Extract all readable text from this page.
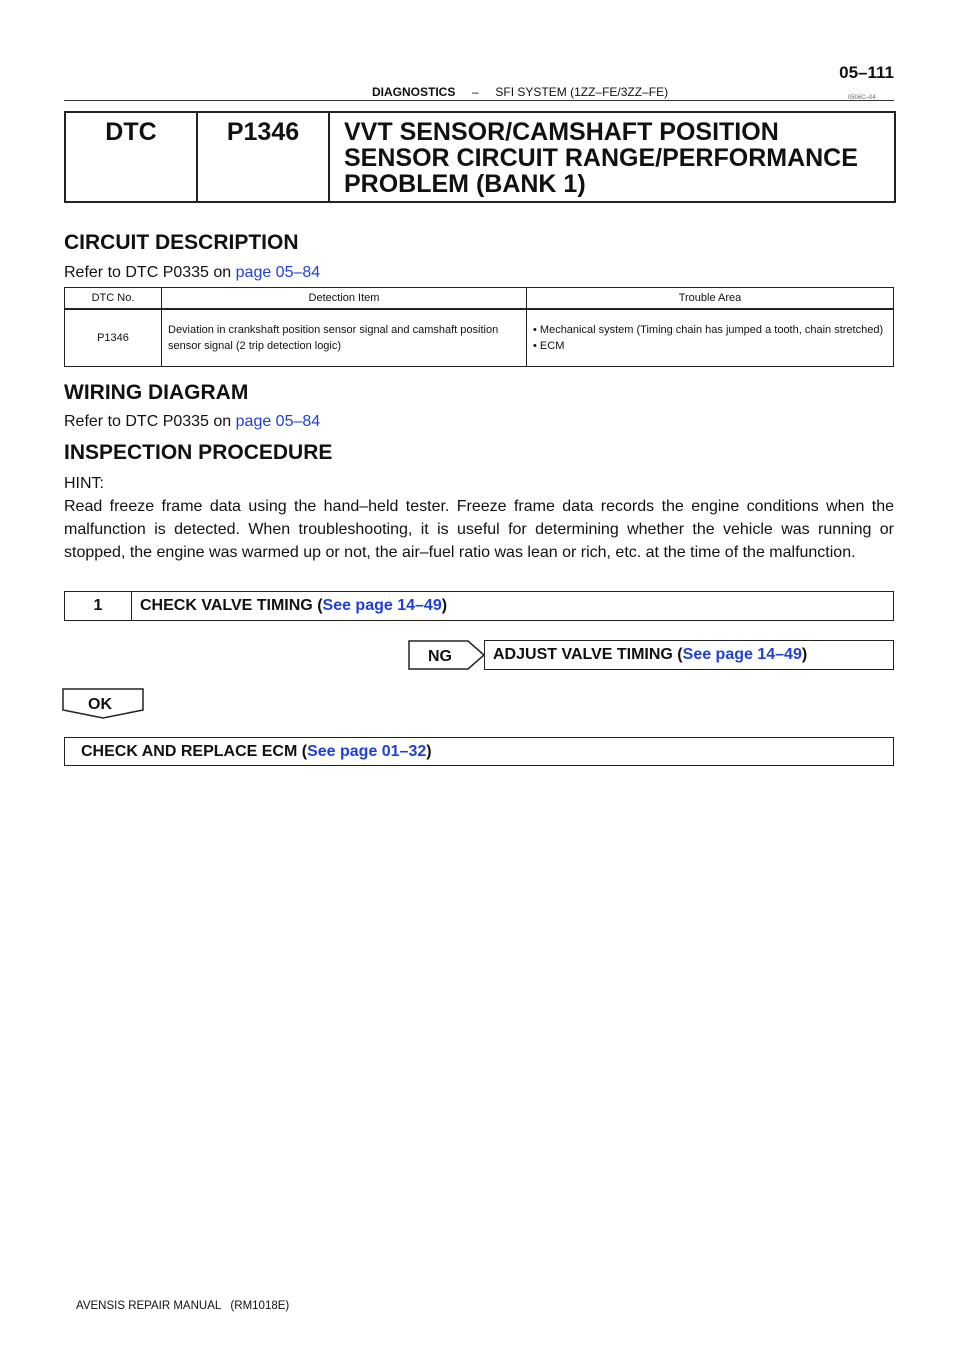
05–111
DIAGNOSTICS – SFI SYSTEM (1ZZ–FE/3ZZ–FE)	0506C–04
DTC	P1346	VVT SENSOR/CAMSHAFT POSITION
SENSOR CIRCUIT RANGE/PERFORMANCE
PROBLEM (BANK 1)
CIRCUIT DESCRIPTION
Refer to DTC P0335 on page 05–84
DTC No.	Detection Item	Trouble Area
P1346	Deviation in crankshaft position sensor signal and camshaft position sensor signal (2 trip detection logic)	• Mechanical system (Timing chain has jumped a tooth, chain stretched)
• ECM
WIRING DIAGRAM
Refer to DTC P0335 on page 05–84
INSPECTION PROCEDURE
HINT:
Read freeze frame data using the hand–held tester. Freeze frame data records the engine conditions when the malfunction is detected. When troubleshooting, it is useful for determining whether the vehicle was running or stopped, the engine was warmed up or not, the air–fuel ratio was lean or rich, etc. at the time of the malfunction.
1	CHECK VALVE TIMING (See page 14–49)
NG	ADJUST VALVE TIMING (See page 14–49)
OK
CHECK AND REPLACE ECM (See page 01–32)
AVENSIS REPAIR MANUAL   (RM1018E)
